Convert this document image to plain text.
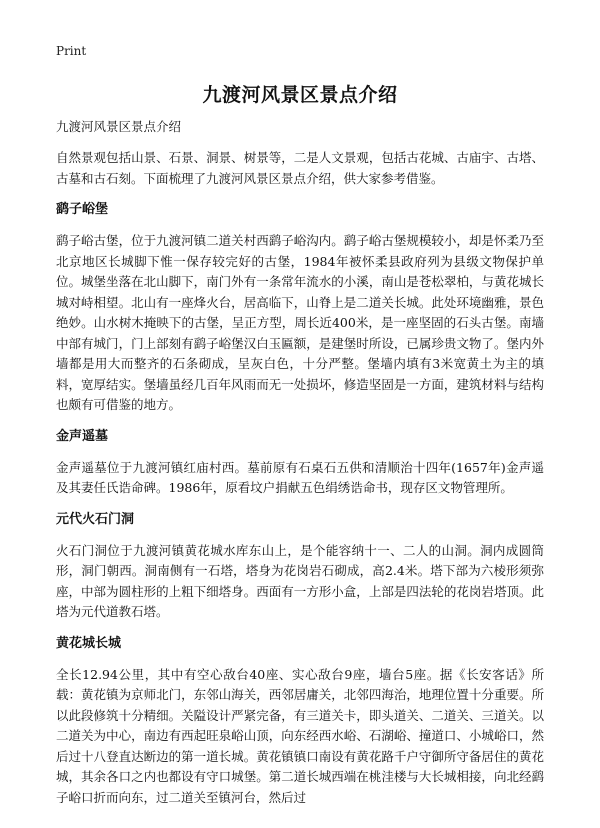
Print
九渡河风景区景点介绍

九渡河风景区景点介绍

自然景观包括山景、石景、洞景、树景等，二是人文景观，包括古花城、古庙宇、古塔、古墓和古石刻。下面梳理了九渡河风景区景点介绍，供大家参考借鉴。

鹞子峪堡

鹞子峪古堡，位于九渡河镇二道关村西鹞子峪沟内。鹞子峪古堡规模较小，却是怀柔乃至北京地区长城脚下惟一保存较完好的古堡，1984年被怀柔县政府列为县级文物保护单位。城堡坐落在北山脚下，南门外有一条常年流水的小溪，南山是苍松翠柏，与黄花城长城对峙相望。北山有一座烽火台，居高临下，山脊上是二道关长城。此处环境幽雅，景色绝妙。山水树木掩映下的古堡，呈正方型，周长近400米，是一座坚固的石头古堡。南墙中部有城门，门上部刻有鹞子峪堡汉白玉匾额，是建堡时所设，已属珍贵文物了。堡内外墙都是用大而整齐的石条砌成，呈灰白色，十分严整。堡墙内填有3米宽黄土为主的填料，宽厚结实。堡墙虽经几百年风雨而无一处损坏，修造坚固是一方面，建筑材料与结构也颇有可借鉴的地方。

金声遥墓

金声遥墓位于九渡河镇红庙村西。墓前原有石桌石五供和清顺治十四年(1657年)金声遥及其妻任氏诰命碑。1986年，原看坟户捐献五色绢绣诰命书，现存区文物管理所。

元代火石门洞

火石门洞位于九渡河镇黄花城水库东山上，是个能容纳十一、二人的山洞。洞内成圆筒形，洞门朝西。洞南侧有一石塔，塔身为花岗岩石砌成，高2.4米。塔下部为六棱形须弥座，中部为圆柱形的上粗下细塔身。西面有一方形小盒，上部是四法轮的花岗岩塔顶。此塔为元代道教石塔。

黄花城长城

全长12.94公里，其中有空心敌台40座、实心敌台9座，墙台5座。据《长安客话》所载：黄花镇为京师北门，东邻山海关，西邻居庸关，北邻四海治，地理位置十分重要。所以此段修筑十分精细。关隘设计严紧完备，有三道关卡，即头道关、二道关、三道关。以二道关为中心，南边有西起旺泉峪山顶，向东经西水峪、石湖峪、撞道口、小城峪口，然后过十八登直达断边的第一道长城。黄花镇镇口南设有黄花路千户守御所守备居住的黄花城，其余各口之内也都设有守口城堡。第二道长城西端在桃洼楼与大长城相接，向北经鹞子峪口折而向东，过二道关至镇河台，然后过
